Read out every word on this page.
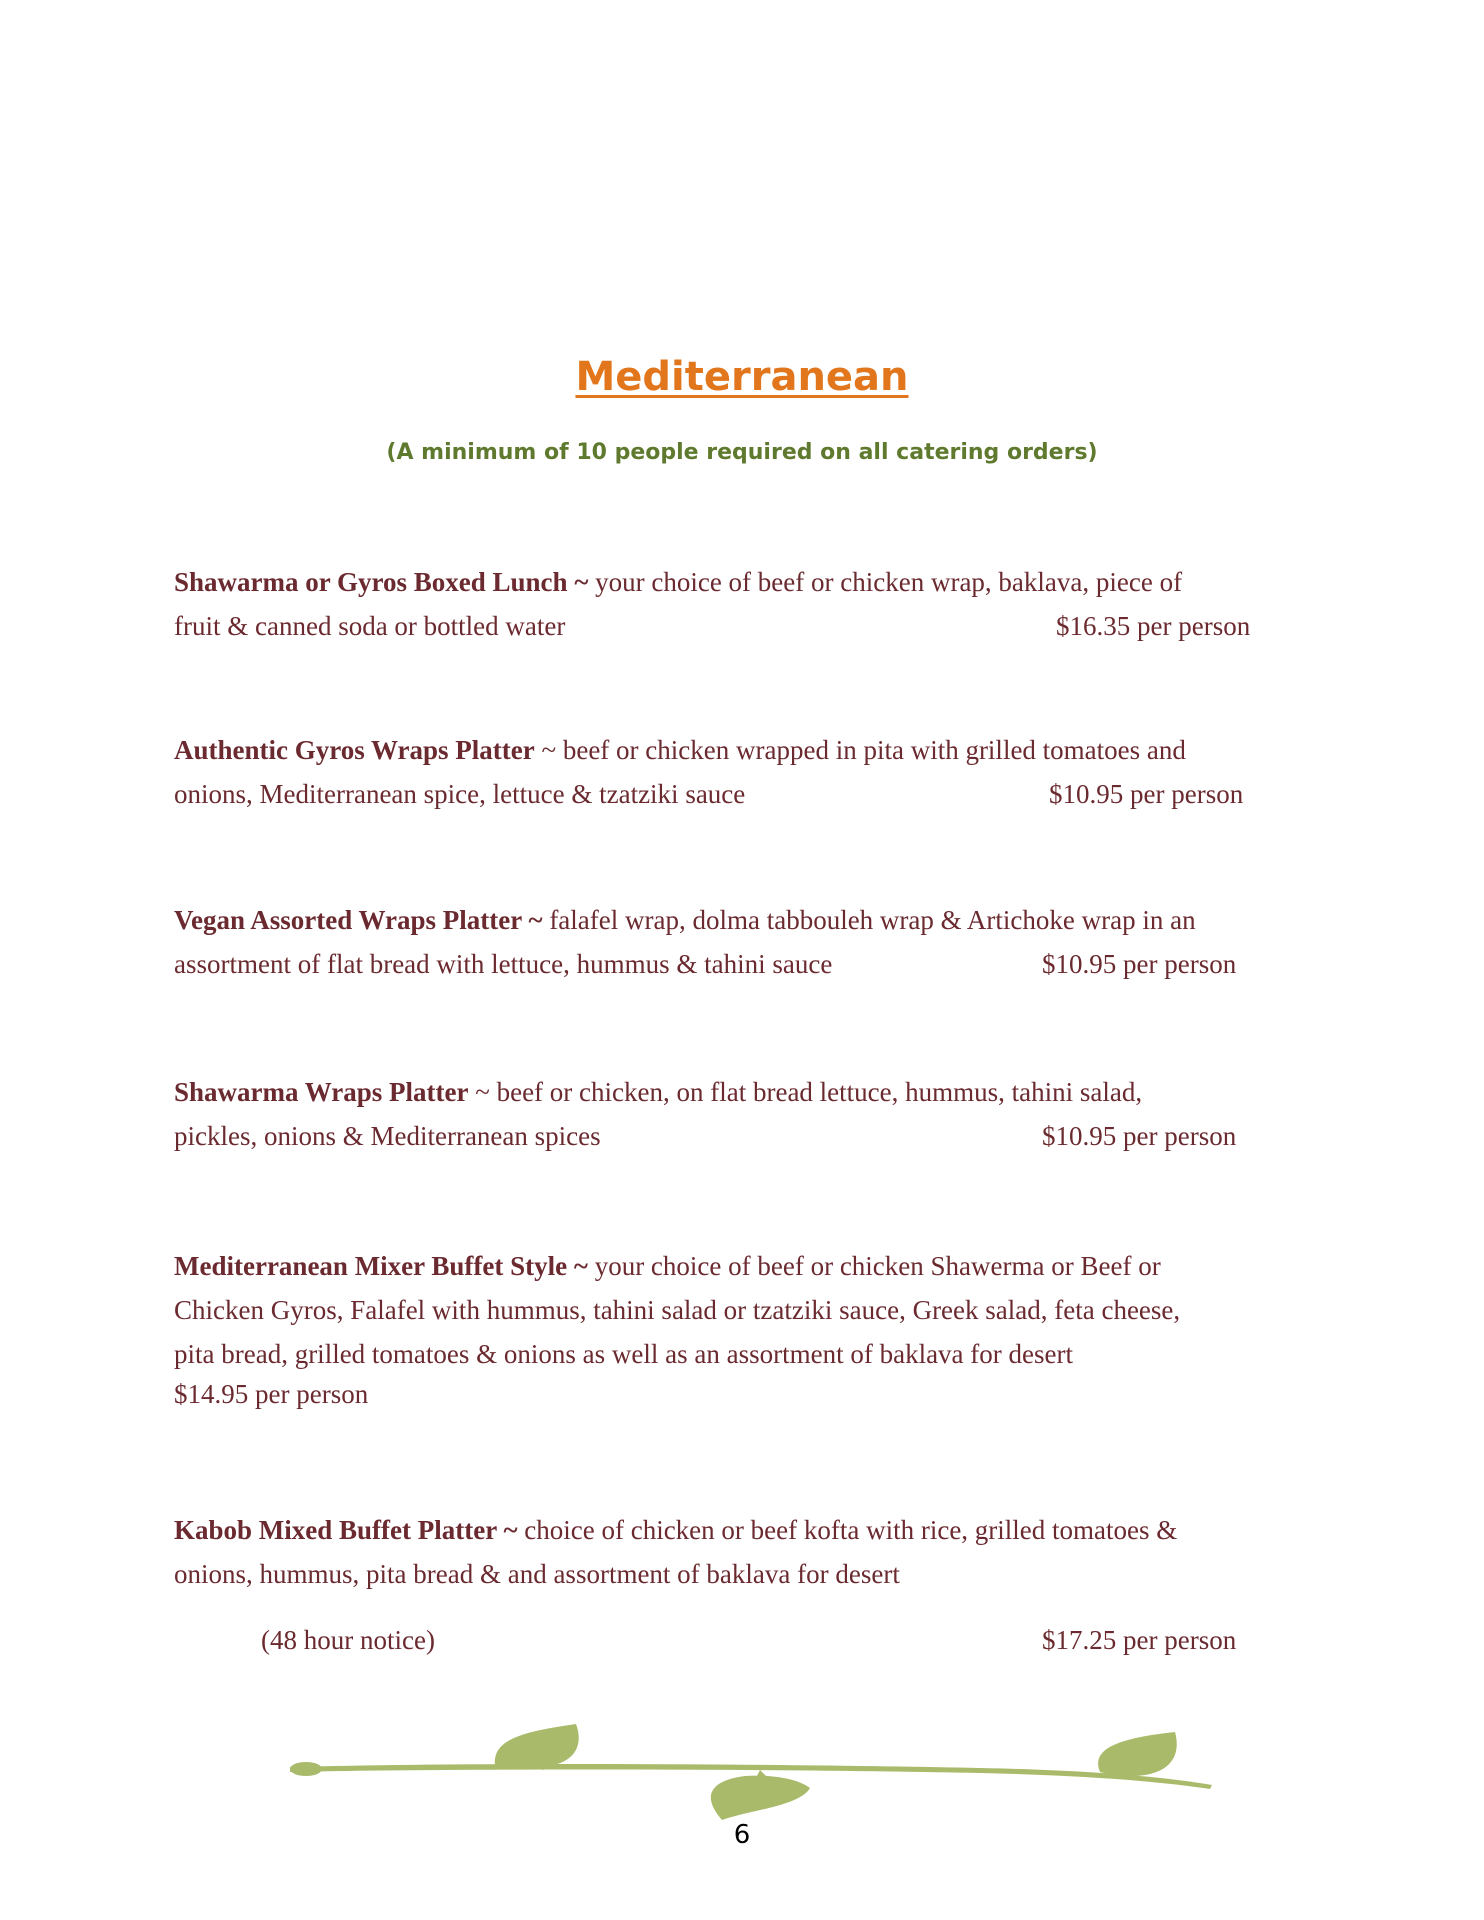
Mediterranean
(A minimum of 10 people required on all catering orders)
Shawarma or Gyros Boxed Lunch ~ your choice of beef or chicken wrap, baklava, piece of
fruit & canned soda or bottled water	$16.35 per person
Authentic Gyros Wraps Platter ~ beef or chicken wrapped in pita with grilled tomatoes and
onions, Mediterranean spice, lettuce & tzatziki sauce	$10.95 per person
Vegan Assorted Wraps Platter ~ falafel wrap, dolma tabbouleh wrap & Artichoke wrap in an
assortment of flat bread with lettuce, hummus & tahini sauce	$10.95 per person
Shawarma Wraps Platter ~ beef or chicken, on flat bread lettuce, hummus, tahini salad,
pickles, onions & Mediterranean spices	$10.95 per person
Mediterranean Mixer Buffet Style ~ your choice of beef or chicken Shawerma or Beef or
Chicken Gyros, Falafel with hummus, tahini salad or tzatziki sauce, Greek salad, feta cheese,
pita bread, grilled tomatoes & onions as well as an assortment of baklava for desert
$14.95 per person
Kabob Mixed Buffet Platter ~ choice of chicken or beef kofta with rice, grilled tomatoes &
onions, hummus, pita bread & and assortment of baklava for desert
(48 hour notice)	$17.25 per person
6
